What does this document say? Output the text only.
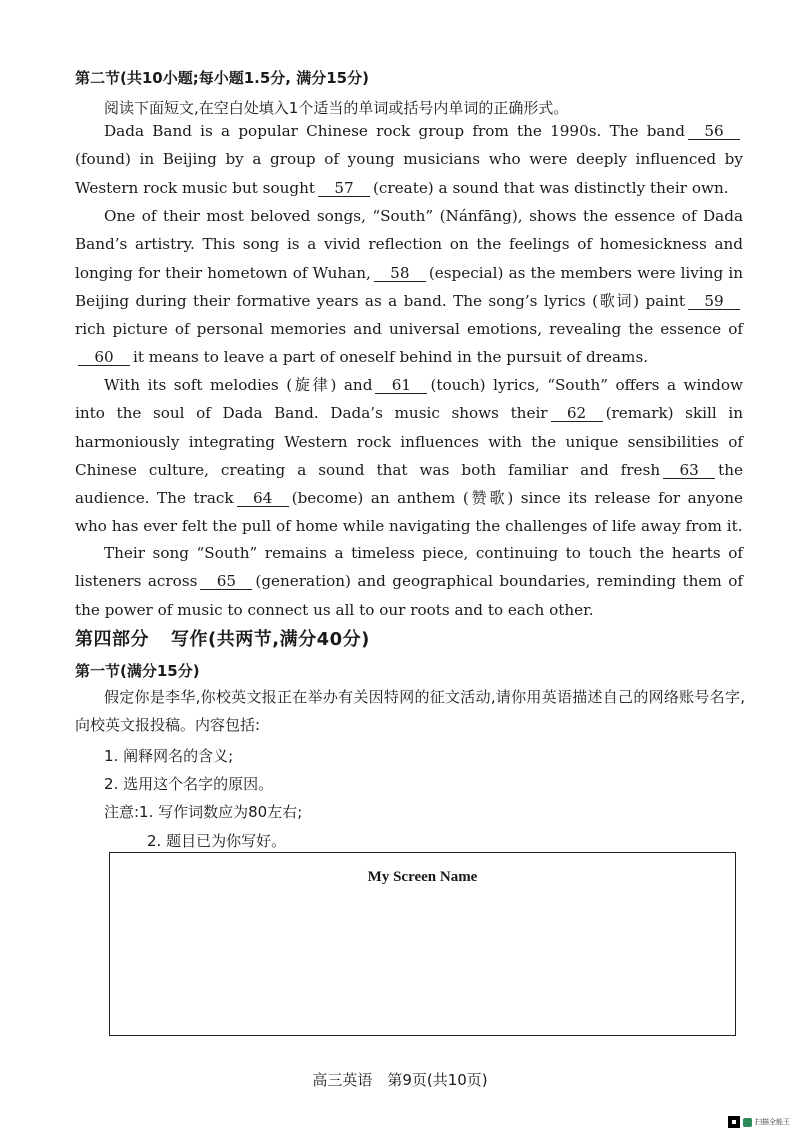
第二节(共10小题;每小题1.5分, 满分15分)
阅读下面短文,在空白处填入1个适当的单词或括号内单词的正确形式。

Dada Band is a popular Chinese rock group from the 1990s. The band 56(found) in Beijing by a group of young musicians who were deeply influenced by Western rock music but sought 57 (create) a sound that was distinctly their own.

One of their most beloved songs, “South” (Nánfāng), shows the essence of Dada Band’s artistry. This song is a vivid reflection on the feelings of homesickness and longing for their hometown of Wuhan, 58 (especial) as the members were living in Beijing during their formative years as a band. The song’s lyrics (歌词) paint 59rich picture of personal memories and universal emotions, revealing the essence of60 it means to leave a part of oneself behind in the pursuit of dreams.

With its soft melodies (旋律) and 61 (touch) lyrics, “South” offers a window into the soul of Dada Band. Dada’s music shows their 62 (remark) skill in harmoniously integrating Western rock influences with the unique sensibilities of Chinese culture, creating a sound that was both familiar and fresh 63 the audience. The track 64 (become) an anthem (赞歌) since its release for anyone who has ever felt the pull of home while navigating the challenges of life away from it.

Their song “South” remains a timeless piece, continuing to touch the hearts of listeners across 65 (generation) and geographical boundaries, reminding them of the power of music to connect us all to our roots and to each other.

第四部分 写作(共两节,满分40分)
第一节(满分15分)

假定你是李华,你校英文报正在举办有关因特网的征文活动,请你用英语描述自己的网络账号名字,向校英文报投稿。内容包括:

1. 阐释网名的含义;
2. 选用这个名字的原因。
注意:1. 写作词数应为80左右;
2. 题目已为你写好。
My Screen Name
高三英语　第9页(共10页)
扫描全能王
